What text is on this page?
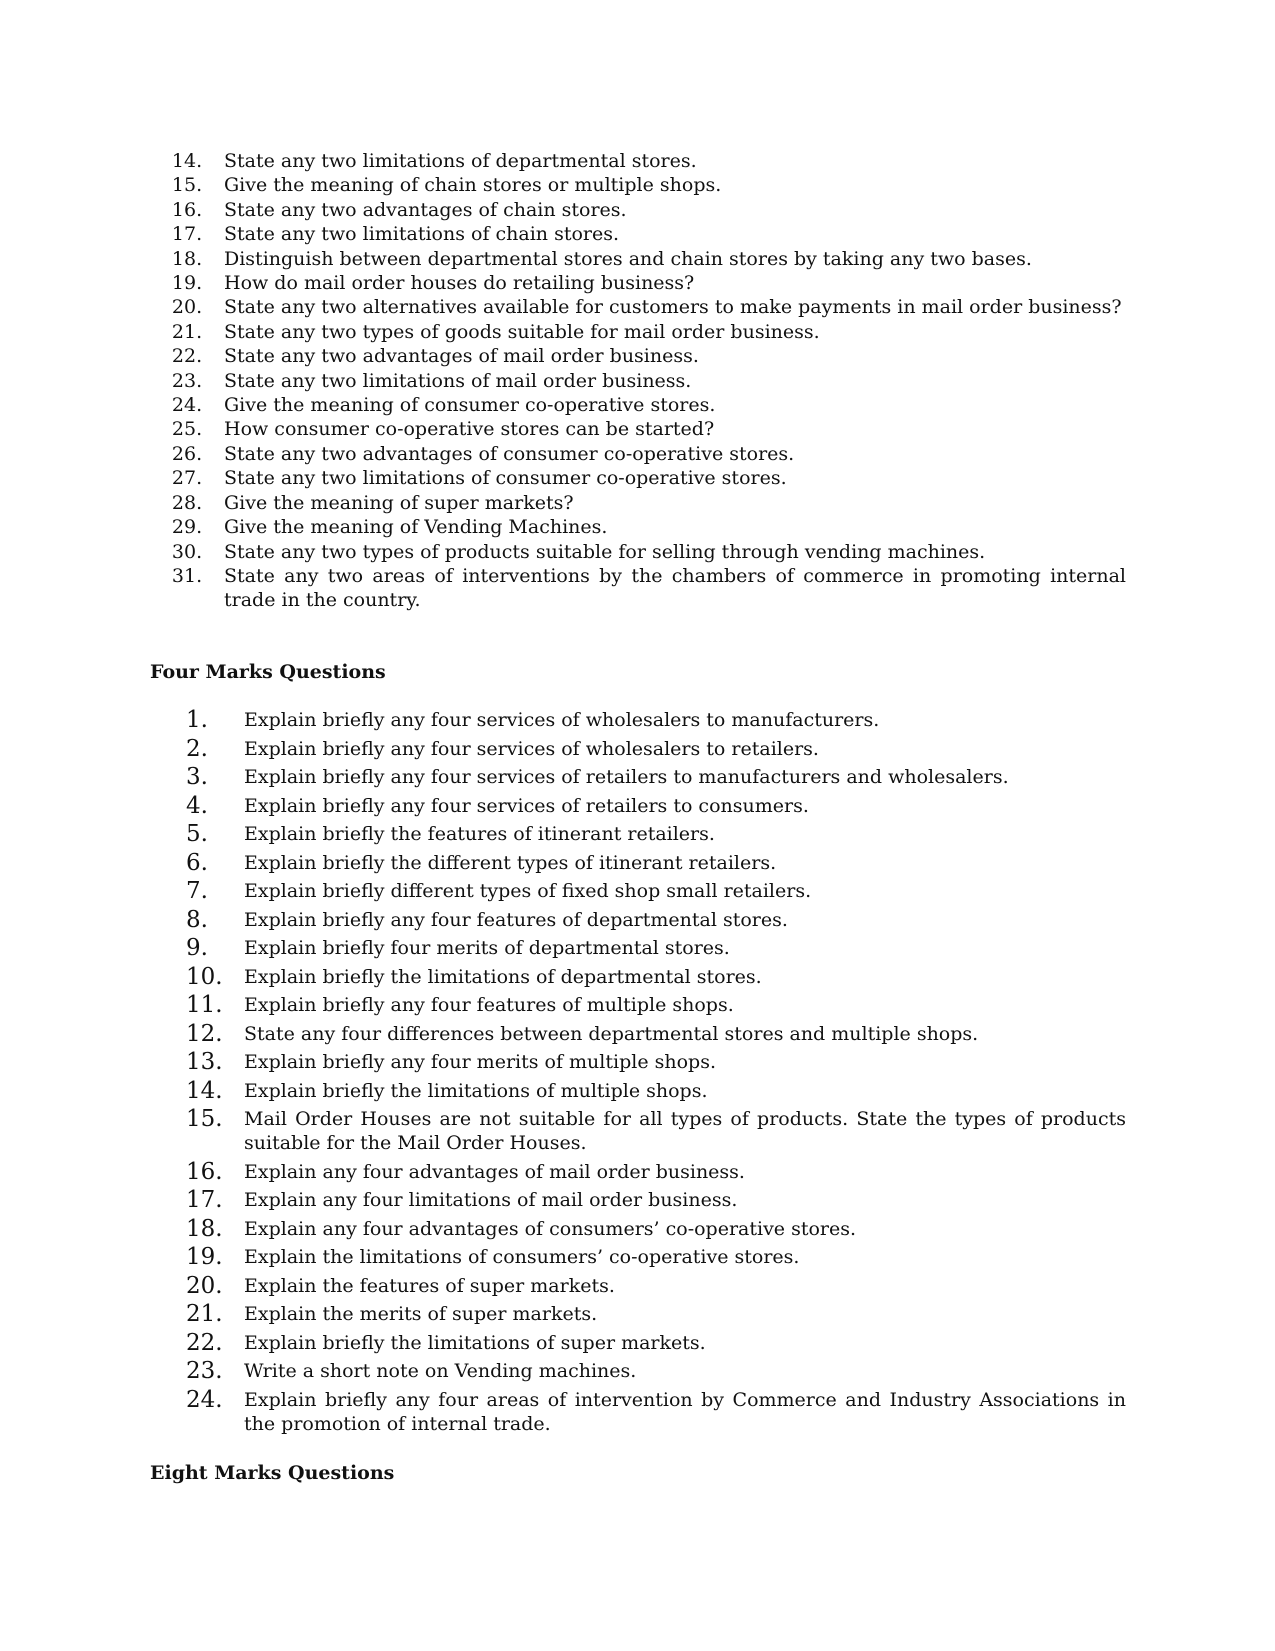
14.	State any two limitations of departmental stores.
15.	Give the meaning of chain stores or multiple shops.
16.	State any two advantages of chain stores.
17.	State any two limitations of chain stores.
18.	Distinguish between departmental stores and chain stores by taking any two bases.
19.	How do mail order houses do retailing business?
20.	State any two alternatives available for customers to make payments in mail order business?
21.	State any two types of goods suitable for mail order business.
22.	State any two advantages of mail order business.
23.	State any two limitations of mail order business.
24.	Give the meaning of consumer co-operative stores.
25.	How consumer co-operative stores can be started?
26.	State any two advantages of consumer co-operative stores.
27.	State any two limitations of consumer co-operative stores.
28.	Give the meaning of super markets?
29.	Give the meaning of Vending Machines.
30.	State any two types of products suitable for selling through vending machines.
31.	State any two areas of interventions by the chambers of commerce in promoting internal trade in the country.
Four Marks Questions
1.	Explain briefly any four services of wholesalers to manufacturers.
2.	Explain briefly any four services of wholesalers to retailers.
3.	Explain briefly any four services of retailers to manufacturers and wholesalers.
4.	Explain briefly any four services of retailers to consumers.
5.	Explain briefly the features of itinerant retailers.
6.	Explain briefly the different types of itinerant retailers.
7.	Explain briefly different types of fixed shop small retailers.
8.	Explain briefly any four features of departmental stores.
9.	Explain briefly four merits of departmental stores.
10.	Explain briefly the limitations of departmental stores.
11.	Explain briefly any four features of multiple shops.
12.	State any four differences between departmental stores and multiple shops.
13.	Explain briefly any four merits of multiple shops.
14.	Explain briefly the limitations of multiple shops.
15.	Mail Order Houses are not suitable for all types of products. State the types of products suitable for the Mail Order Houses.
16.	Explain any four advantages of mail order business.
17.	Explain any four limitations of mail order business.
18.	Explain any four advantages of consumers’ co-operative stores.
19.	Explain the limitations of consumers’ co-operative stores.
20.	Explain the features of super markets.
21.	Explain the merits of super markets.
22.	Explain briefly the limitations of super markets.
23.	Write a short note on Vending machines.
24.	Explain briefly any four areas of intervention by Commerce and Industry Associations in the promotion of internal trade.
Eight Marks Questions
